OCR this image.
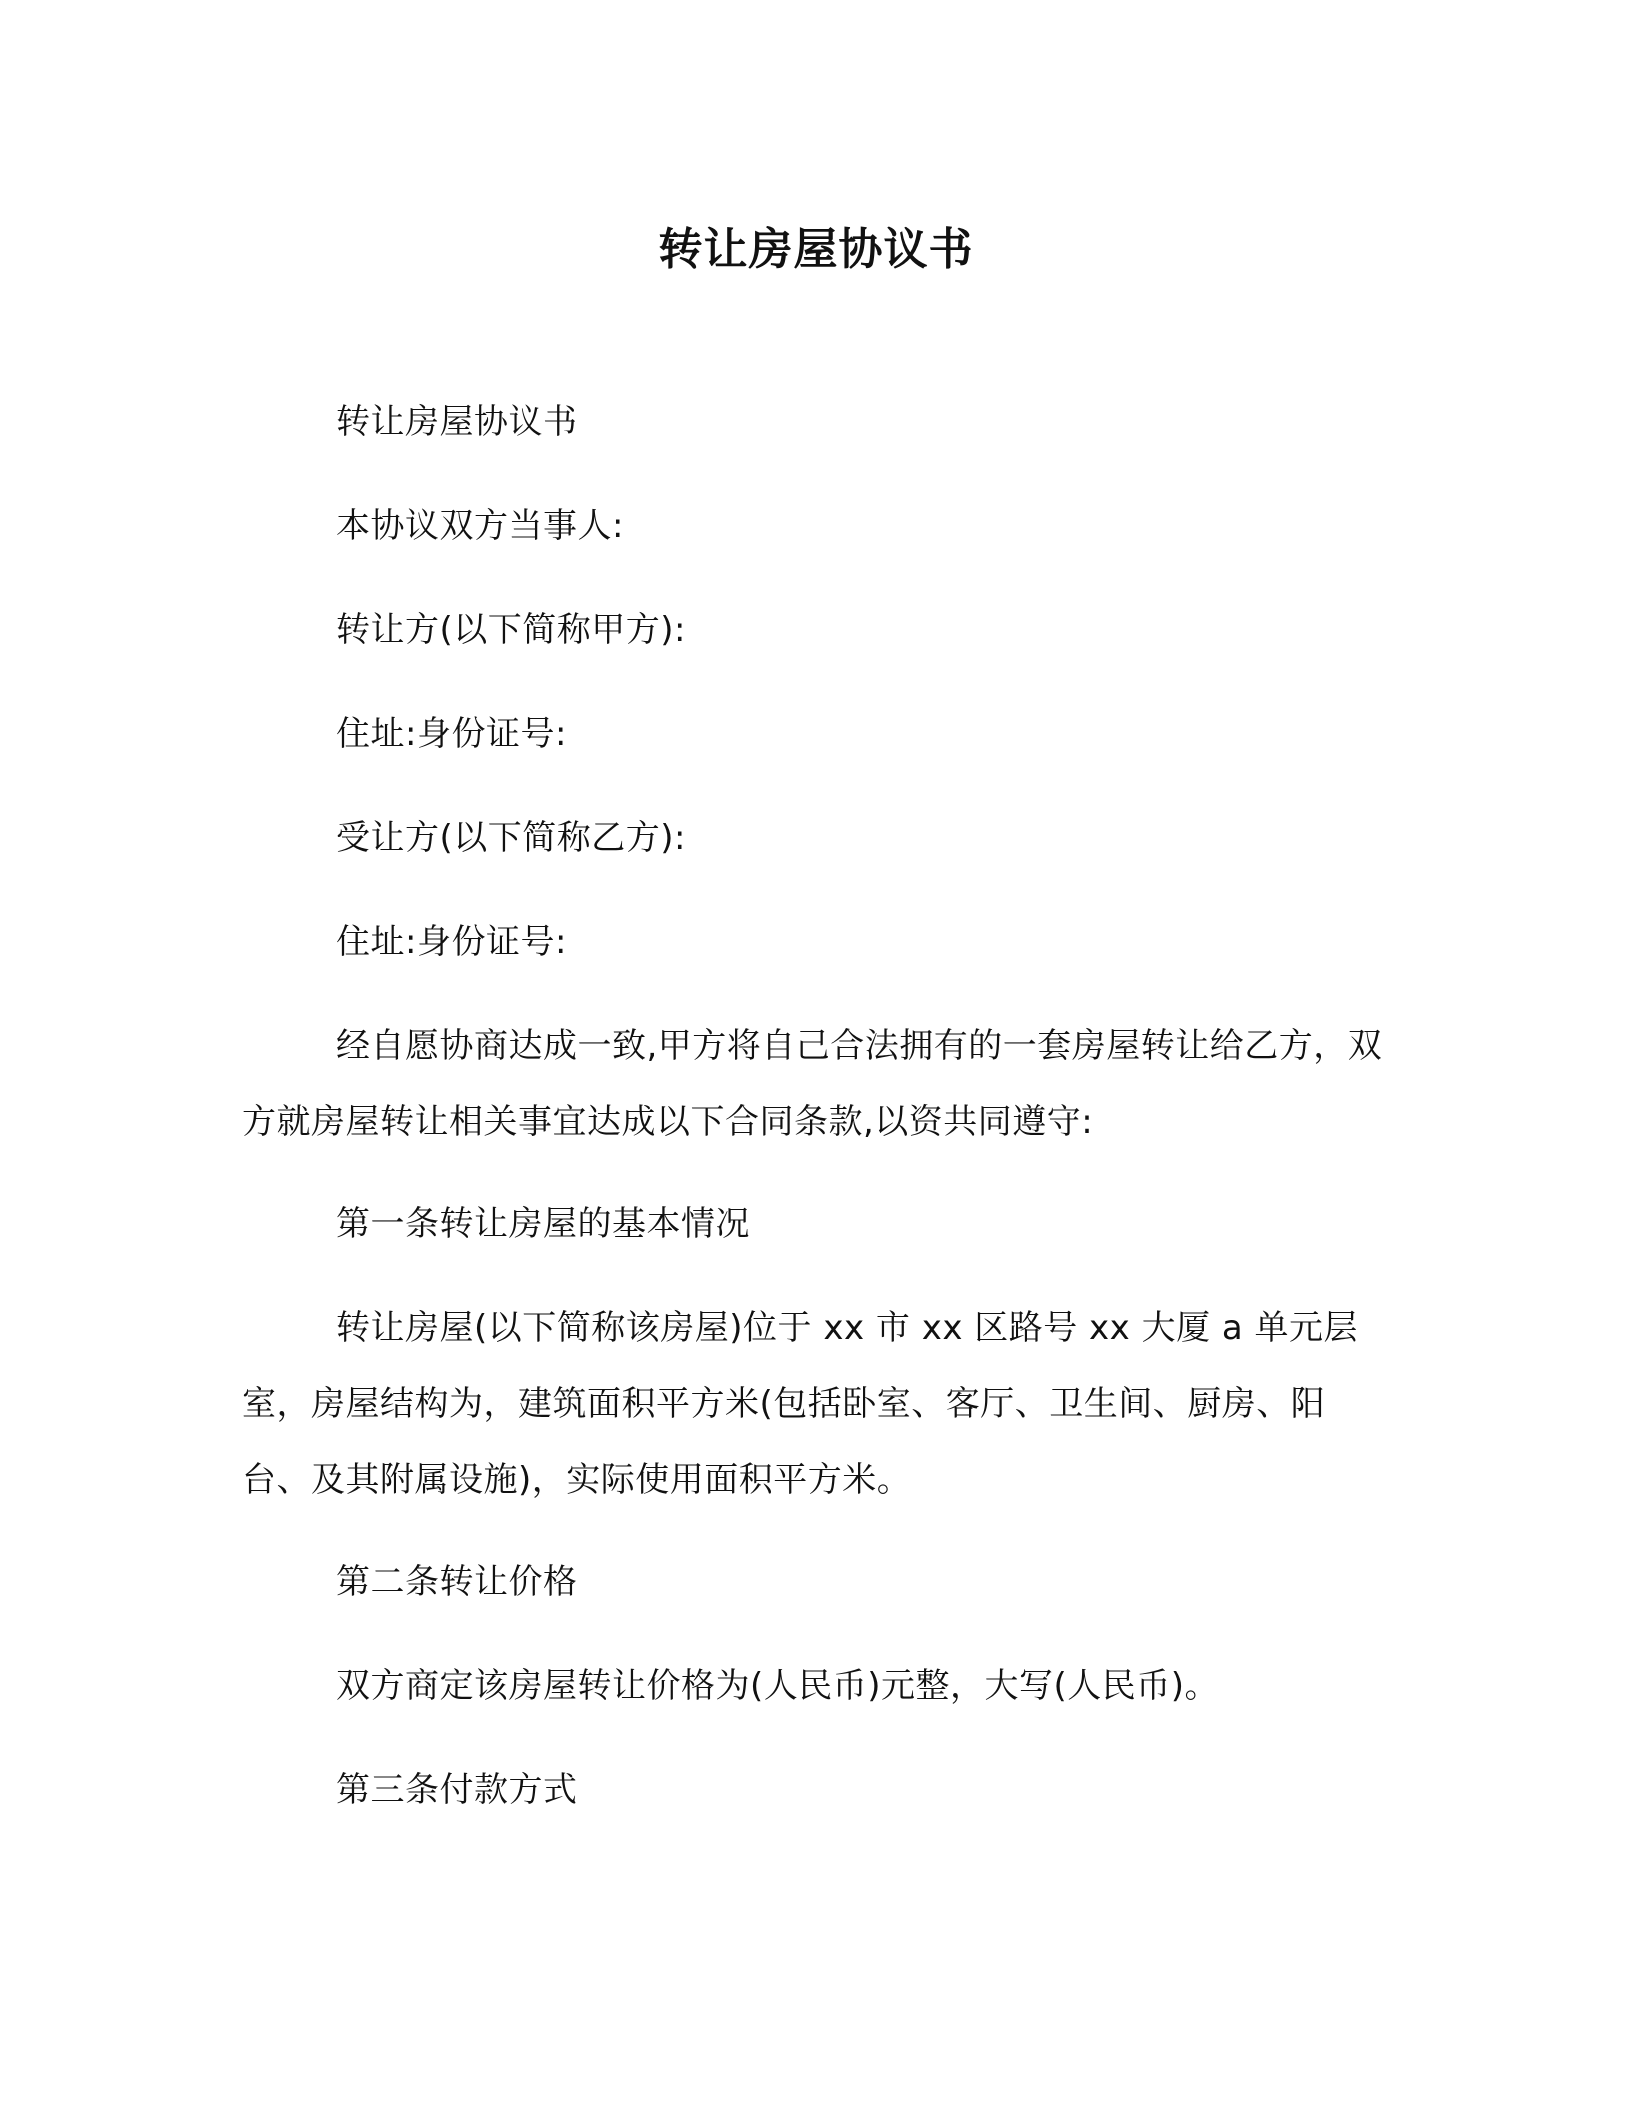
转让房屋协议书
转让房屋协议书
本协议双方当事人:
转让方(以下简称甲方):
住址:身份证号:
受让方(以下简称乙方):
住址:身份证号:
经自愿协商达成一致,甲方将自己合法拥有的一套房屋转让给乙方，双方就房屋转让相关事宜达成以下合同条款,以资共同遵守:
第一条转让房屋的基本情况
转让房屋(以下简称该房屋)位于 xx 市 xx 区路号 xx 大厦 a 单元层室，房屋结构为，建筑面积平方米(包括卧室、客厅、卫生间、厨房、阳台、及其附属设施)，实际使用面积平方米。
第二条转让价格
双方商定该房屋转让价格为(人民币)元整，大写(人民币)。
第三条付款方式
